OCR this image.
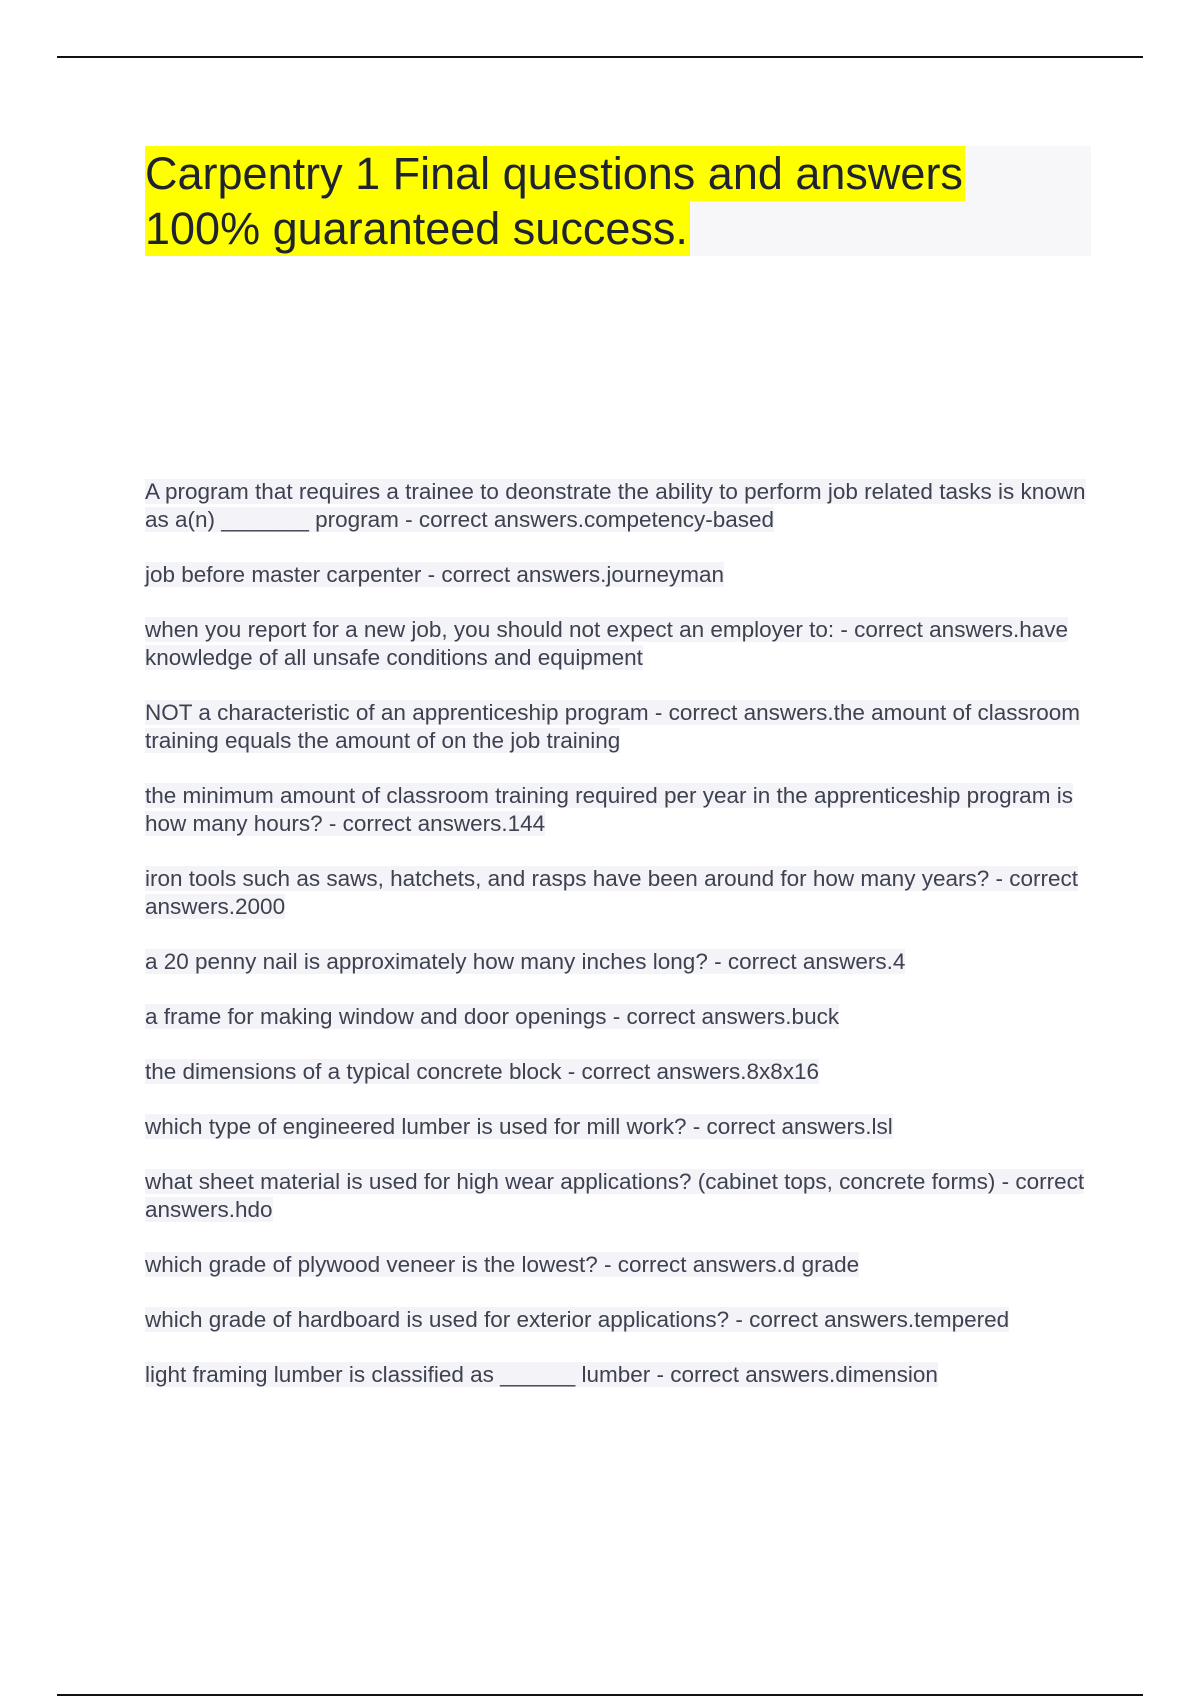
Carpentry 1 Final questions and answers
100% guaranteed success.
A program that requires a trainee to deonstrate the ability to perform job related tasks is known as a(n) _______ program - correct answers.competency-based
job before master carpenter - correct answers.journeyman
when you report for a new job, you should not expect an employer to: - correct answers.have knowledge of all unsafe conditions and equipment
NOT a characteristic of an apprenticeship program - correct answers.the amount of classroom training equals the amount of on the job training
the minimum amount of classroom training required per year in the apprenticeship program is how many hours? - correct answers.144
iron tools such as saws, hatchets, and rasps have been around for how many years? - correct answers.2000
a 20 penny nail is approximately how many inches long? - correct answers.4
a frame for making window and door openings - correct answers.buck
the dimensions of a typical concrete block - correct answers.8x8x16
which type of engineered lumber is used for mill work? - correct answers.lsl
what sheet material is used for high wear applications? (cabinet tops, concrete forms) - correct answers.hdo
which grade of plywood veneer is the lowest? - correct answers.d grade
which grade of hardboard is used for exterior applications? - correct answers.tempered
light framing lumber is classified as ______ lumber - correct answers.dimension
